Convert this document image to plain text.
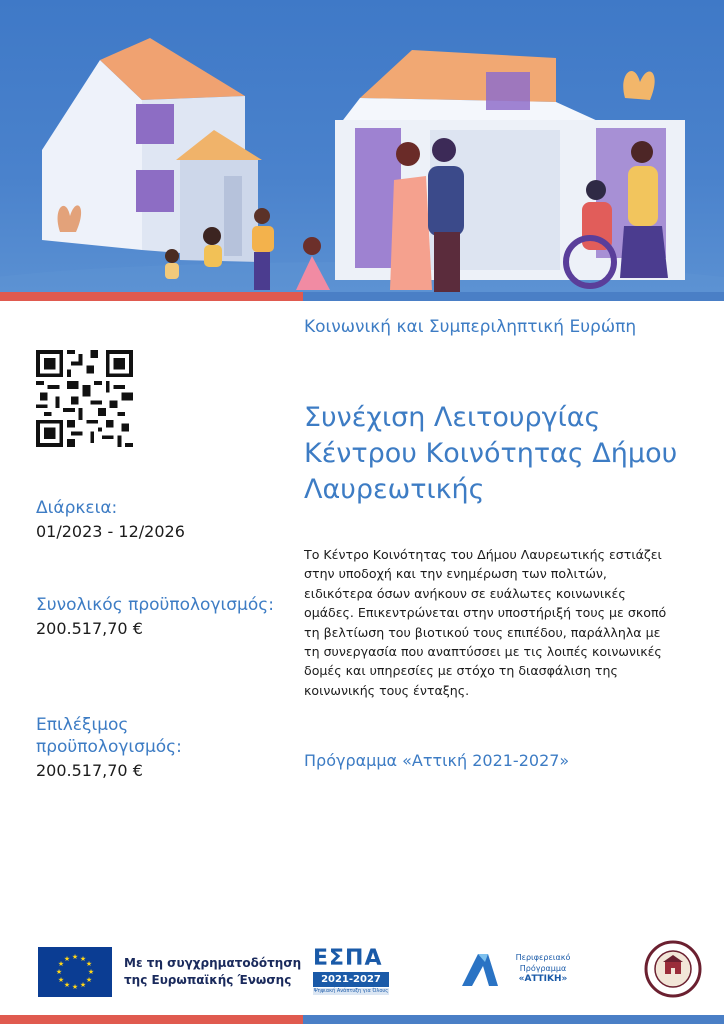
Διάρκεια:
01/2023 - 12/2026
Συνολικός προϋπολογισμός:
200.517,70 €
Επιλέξιμος προϋπολογισμός:
200.517,70 €
Κοινωνική και Συμπεριληπτική Ευρώπη
Συνέχιση Λειτουργίας Κέντρου Κοινότητας Δήμου Λαυρεωτικής
Το Κέντρο Κοινότητας του Δήμου Λαυρεωτικής εστιάζει στην υποδοχή και την ενημέρωση των πολιτών, ειδικότερα όσων ανήκουν σε ευάλωτες κοινωνικές ομάδες. Επικεντρώνεται στην υποστήριξή τους με σκοπό τη βελτίωση του βιοτικού τους επιπέδου, παράλληλα με τη συνεργασία που αναπτύσσει με τις λοιπές κοινωνικές δομές και υπηρεσίες με στόχο τη διασφάλιση της κοινωνικής τους ένταξης.
Πρόγραμμα «Αττική 2021-2027»
★ ★
★
★
★
★
★
★
★
★
★
★	Με τη συγχρηματοδότηση της Ευρωπαϊκής Ένωσης
ΕΣΠΑ
2021-2027
Ψηφιακή Ανάπτυξη για Όλους
Περιφερειακό
Πρόγραμμα
«ΑΤΤΙΚΗ»
